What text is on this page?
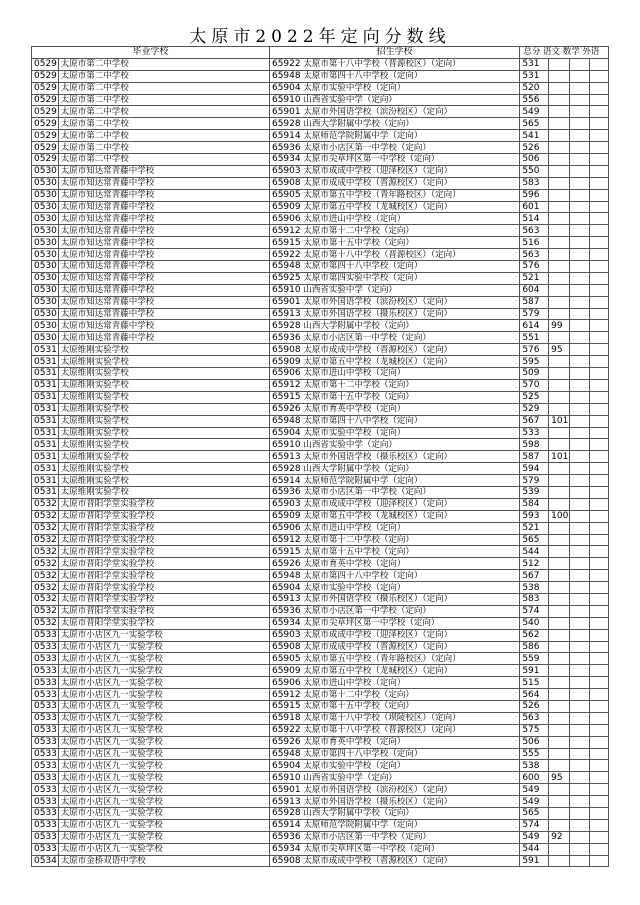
太原市2022年定向分数线
毕业学校		招生学校	总分 语文 数学 外语			
0529	太原市第二中学校	65922 太原市第十八中学校（晋源校区）（定向）	531			
0529	太原市第二中学校	65948 太原市第四十八中学校（定向）	531			
0529	太原市第二中学校	65904 太原市实验中学校（定向）	520			
0529	太原市第二中学校	65910 山西省实验中学（定向）	556			
0529	太原市第二中学校	65901 太原市外国语学校（滨汾校区）（定向）	549			
0529	太原市第二中学校	65928 山西大学附属中学校（定向）	565			
0529	太原市第二中学校	65914 太原师范学院附属中学（定向）	541			
0529	太原市第二中学校	65936 太原市小店区第一中学校（定向）	526			
0529	太原市第二中学校	65934 太原市尖草坪区第一中学校（定向）	506			
0530	太原市知达常青藤中学校	65903 太原市成成中学校（迎泽校区）（定向）	550			
0530	太原市知达常青藤中学校	65908 太原市成成中学校（晋源校区）（定向）	583			
0530	太原市知达常青藤中学校	65905 太原市第五中学校（青年路校区）（定向）	596			
0530	太原市知达常青藤中学校	65909 太原市第五中学校（龙城校区）（定向）	601			
0530	太原市知达常青藤中学校	65906 太原市进山中学校（定向）	514			
0530	太原市知达常青藤中学校	65912 太原市第十二中学校（定向）	563			
0530	太原市知达常青藤中学校	65915 太原市第十五中学校（定向）	516			
0530	太原市知达常青藤中学校	65922 太原市第十八中学校（晋源校区）（定向）	563			
0530	太原市知达常青藤中学校	65948 太原市第四十八中学校（定向）	576			
0530	太原市知达常青藤中学校	65925 太原市第四实验中学校（定向）	521			
0530	太原市知达常青藤中学校	65910 山西省实验中学（定向）	604			
0530	太原市知达常青藤中学校	65901 太原市外国语学校（滨汾校区）（定向）	587			
0530	太原市知达常青藤中学校	65913 太原市外国语学校（摄乐校区）（定向）	579			
0530	太原市知达常青藤中学校	65928 山西大学附属中学校（定向）	614	99		
0530	太原市知达常青藤中学校	65936 太原市小店区第一中学校（定向）	551			
0531	太原维刚实验学校	65908 太原市成成中学校（晋源校区）（定向）	576	95		
0531	太原维刚实验学校	65909 太原市第五中学校（龙城校区）（定向）	595			
0531	太原维刚实验学校	65906 太原市进山中学校（定向）	509			
0531	太原维刚实验学校	65912 太原市第十二中学校（定向）	570			
0531	太原维刚实验学校	65915 太原市第十五中学校（定向）	525			
0531	太原维刚实验学校	65926 太原市育英中学校（定向）	529			
0531	太原维刚实验学校	65948 太原市第四十八中学校（定向）	567	101		
0531	太原维刚实验学校	65904 太原市实验中学校（定向）	533			
0531	太原维刚实验学校	65910 山西省实验中学（定向）	598			
0531	太原维刚实验学校	65913 太原市外国语学校（摄乐校区）（定向）	587	101		
0531	太原维刚实验学校	65928 山西大学附属中学校（定向）	594			
0531	太原维刚实验学校	65914 太原师范学院附属中学（定向）	579			
0531	太原维刚实验学校	65936 太原市小店区第一中学校（定向）	539			
0532	太原市晋阳学堂实验学校	65903 太原市成成中学校（迎泽校区）（定向）	584			
0532	太原市晋阳学堂实验学校	65909 太原市第五中学校（龙城校区）（定向）	593	100		
0532	太原市晋阳学堂实验学校	65906 太原市进山中学校（定向）	521			
0532	太原市晋阳学堂实验学校	65912 太原市第十二中学校（定向）	565			
0532	太原市晋阳学堂实验学校	65915 太原市第十五中学校（定向）	544			
0532	太原市晋阳学堂实验学校	65926 太原市育英中学校（定向）	512			
0532	太原市晋阳学堂实验学校	65948 太原市第四十八中学校（定向）	567			
0532	太原市晋阳学堂实验学校	65904 太原市实验中学校（定向）	538			
0532	太原市晋阳学堂实验学校	65913 太原市外国语学校（摄乐校区）（定向）	583			
0532	太原市晋阳学堂实验学校	65936 太原市小店区第一中学校（定向）	574			
0532	太原市晋阳学堂实验学校	65934 太原市尖草坪区第一中学校（定向）	540			
0533	太原市小店区九一实验学校	65903 太原市成成中学校（迎泽校区）（定向）	562			
0533	太原市小店区九一实验学校	65908 太原市成成中学校（晋源校区）（定向）	586			
0533	太原市小店区九一实验学校	65905 太原市第五中学校（青年路校区）（定向）	559			
0533	太原市小店区九一实验学校	65909 太原市第五中学校（龙城校区）（定向）	591			
0533	太原市小店区九一实验学校	65906 太原市进山中学校（定向）	515			
0533	太原市小店区九一实验学校	65912 太原市第十二中学校（定向）	564			
0533	太原市小店区九一实验学校	65915 太原市第十五中学校（定向）	526			
0533	太原市小店区九一实验学校	65918 太原市第十八中学校（坝陵校区）（定向）	563			
0533	太原市小店区九一实验学校	65922 太原市第十八中学校（晋源校区）（定向）	575			
0533	太原市小店区九一实验学校	65926 太原市育英中学校（定向）	506			
0533	太原市小店区九一实验学校	65948 太原市第四十八中学校（定向）	555			
0533	太原市小店区九一实验学校	65904 太原市实验中学校（定向）	538			
0533	太原市小店区九一实验学校	65910 山西省实验中学（定向）	600	95		
0533	太原市小店区九一实验学校	65901 太原市外国语学校（滨汾校区）（定向）	549			
0533	太原市小店区九一实验学校	65913 太原市外国语学校（摄乐校区）（定向）	549			
0533	太原市小店区九一实验学校	65928 山西大学附属中学校（定向）	565			
0533	太原市小店区九一实验学校	65914 太原师范学院附属中学（定向）	574			
0533	太原市小店区九一实验学校	65936 太原市小店区第一中学校（定向）	549	92		
0533	太原市小店区九一实验学校	65934 太原市尖草坪区第一中学校（定向）	544			
0534	太原市金桥双语中学校	65908 太原市成成中学校（晋源校区）（定向）	591			
